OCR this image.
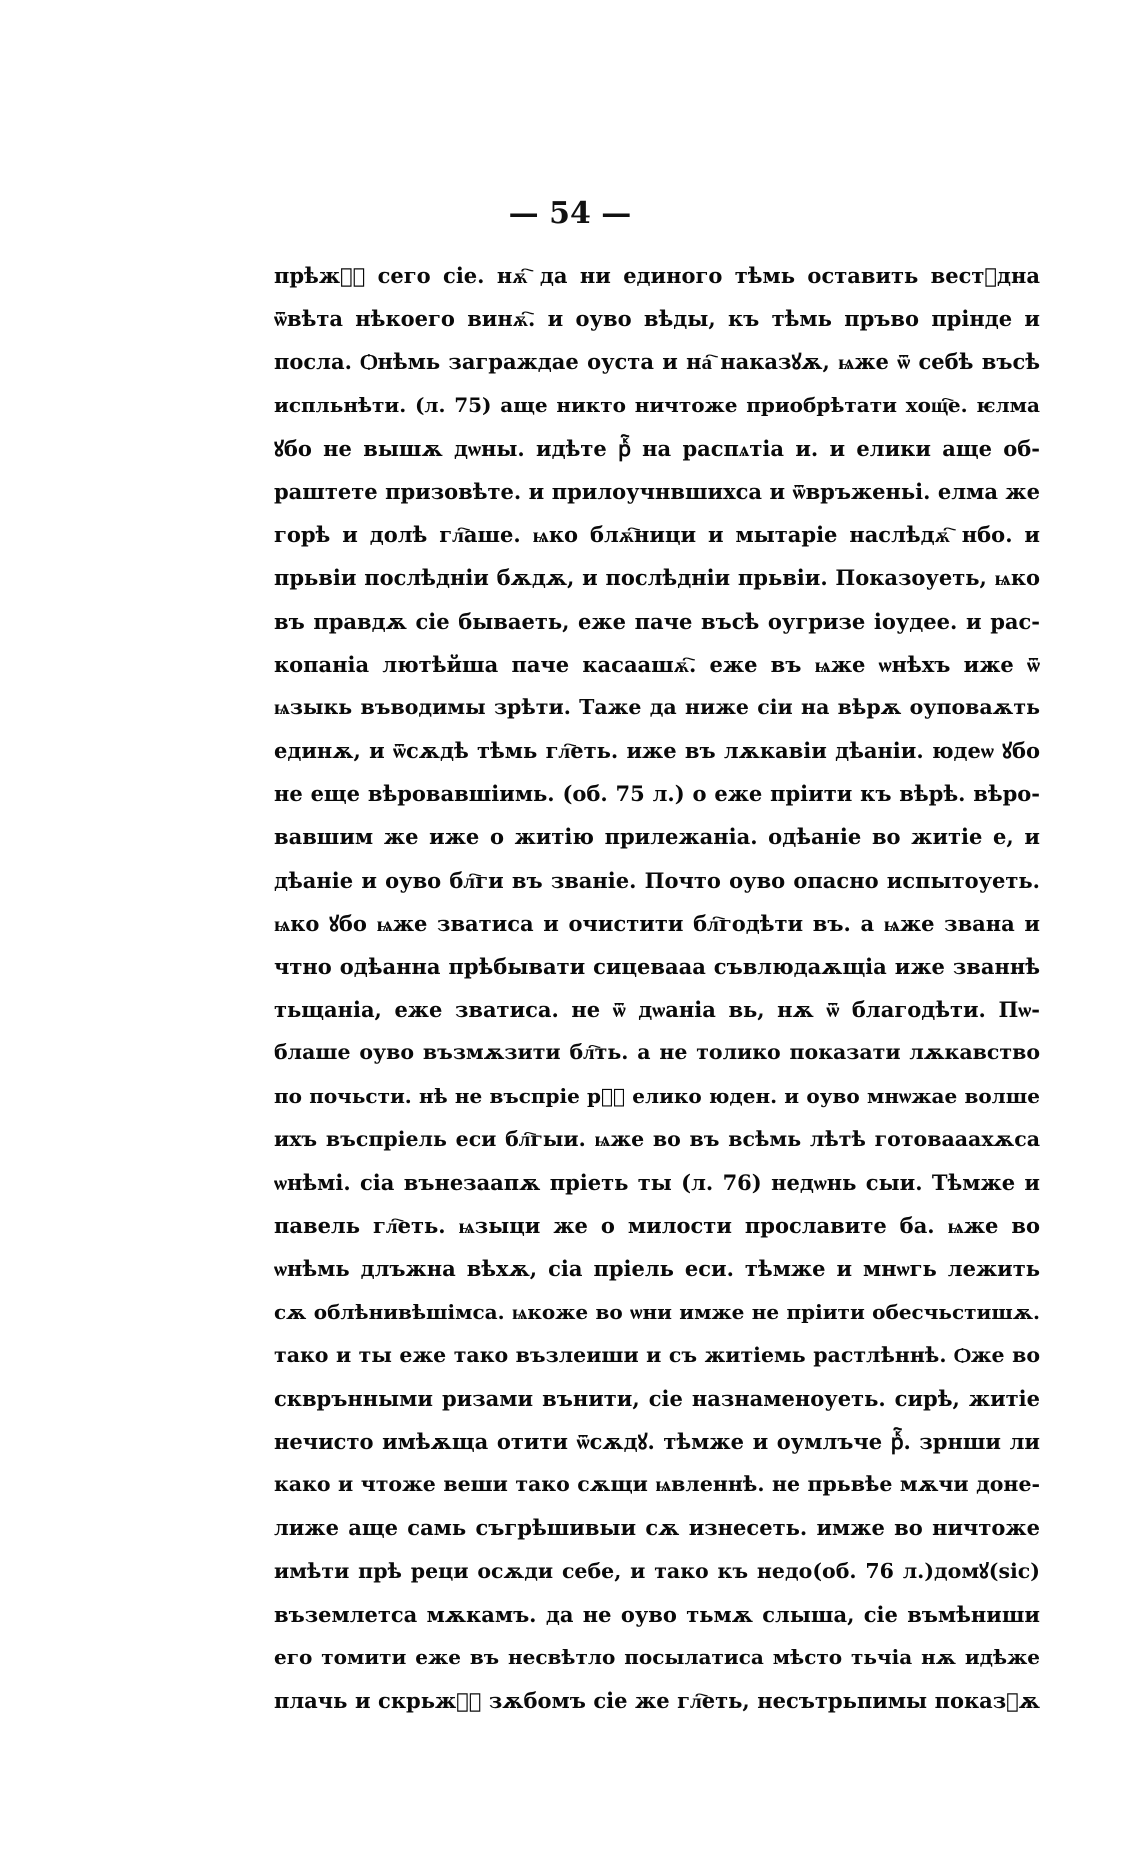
— 54 —
прѣжⷤ҇ сего сіе. нѫ҇ да ни единого тѣмь оставить вестꙋдна
ѿвѣта нѣкоего винѫ҇. и оуво вѣды, къ тѣмь пръво прінде и
посла. Ѻнѣмь заграждае оуста и на҇ наказꙋѫ, ѩже ѿ себѣ въсѣ
испльнѣти. (л. 75) аще никто ничтоже приобрѣтати хощ҇е. ѥлма
ꙋбо не вышѫ дѡны. идѣте рⷦ҇ на распѧтіа и. и елики аще об-
раштете призовѣте. и прилоучнвшихса и ѿвръженьі. елма же
горѣ и долѣ гл҇аше. ѩко блѫ҇ници и мытаріе наслѣдѫ҇ нбо. и
прьвіи послѣдніи бѫдѫ, и послѣдніи прьвіи. Показоуеть, ѩко
въ правдѫ сіе бываеть, еже паче въсѣ оугризе іоудее. и рас-
копаніа лютѣйша паче касаашѫ҇. еже въ ѩже ѡнѣхъ иже ѿ
ѩзыкь въводимы зрѣти. Таже да ниже сіи на вѣрѫ оуповаѫть
единѫ, и ѿсѫдѣ тѣмь гл҇еть. иже въ лѫкавіи дѣаніи. юдеѡ ꙋбо
не еще вѣровавшіимь. (об. 75 л.) о еже пріити къ вѣрѣ. вѣро-
вавшим же иже о житію прилежаніа. одѣаніе во житіе е, и
дѣаніе и оуво бл҇ги въ званіе. Почто оуво опасно испытоуеть.
ѩко ꙋбо ѩже зватиса и очистити бл҇годѣти въ. а ѩже звана и
чтно одѣанна прѣбывати сицевааа съвлюдаѫщіа иже званнѣ
тьщаніа, еже зватиса. не ѿ дѡаніа вь, нѫ ѿ благодѣти. Пѡ-
блаше оуво възмѫзити бл҇ть. а не толико показати лѫкавство
по почьсти. нѣ не въспріе рⷦ҇ елико юден. и оуво мнѡжае волше
ихъ въспріель еси бл҇гыи. ѩже во въ всѣмь лѣтѣ готовааахѫса
ѡнѣмі. сіа вънезаапѫ пріеть ты (л. 76) недѡнь сыи. Тѣмже и
павель гл҇еть. ѩзыци же о милости прославите ба. ѩже во
ѡнѣмь длъжна вѣхѫ, сіа пріель еси. тѣмже и мнѡгь лежить
сѫ облѣнивѣшімса. ѩкоже во ѡни имже не пріити обесчьстишѫ.
тако и ты еже тако възлеиши и съ житіемь растлѣннѣ. Ѻже во
скврънными ризами вънити, сіе назнаменоуеть. сирѣ, житіе
нечисто имѣѫща отити ѿсѫдꙋ. тѣмже и оумлъче рⷦ҇. зрнши ли
како и чтоже веши тако сѫщи ѩвленнѣ. не прьвѣе мѫчи доне-
лиже аще самь съгрѣшивыи сѫ изнесеть. имже во ничтоже
имѣти прѣ реци осѫди себе, и тако къ недо(об. 76 л.)домꙋ(sic)
въземлетса мѫкамъ. да не оуво тьмѫ слыша, сіе въмѣниши
его томити еже въ несвѣтло посылатиса мѣсто тьчіа нѫ идѣже
плачь и скрьжⷮ҇ зѫбомъ сіе же гл҇еть, несътрьпимы показꙋѫ
